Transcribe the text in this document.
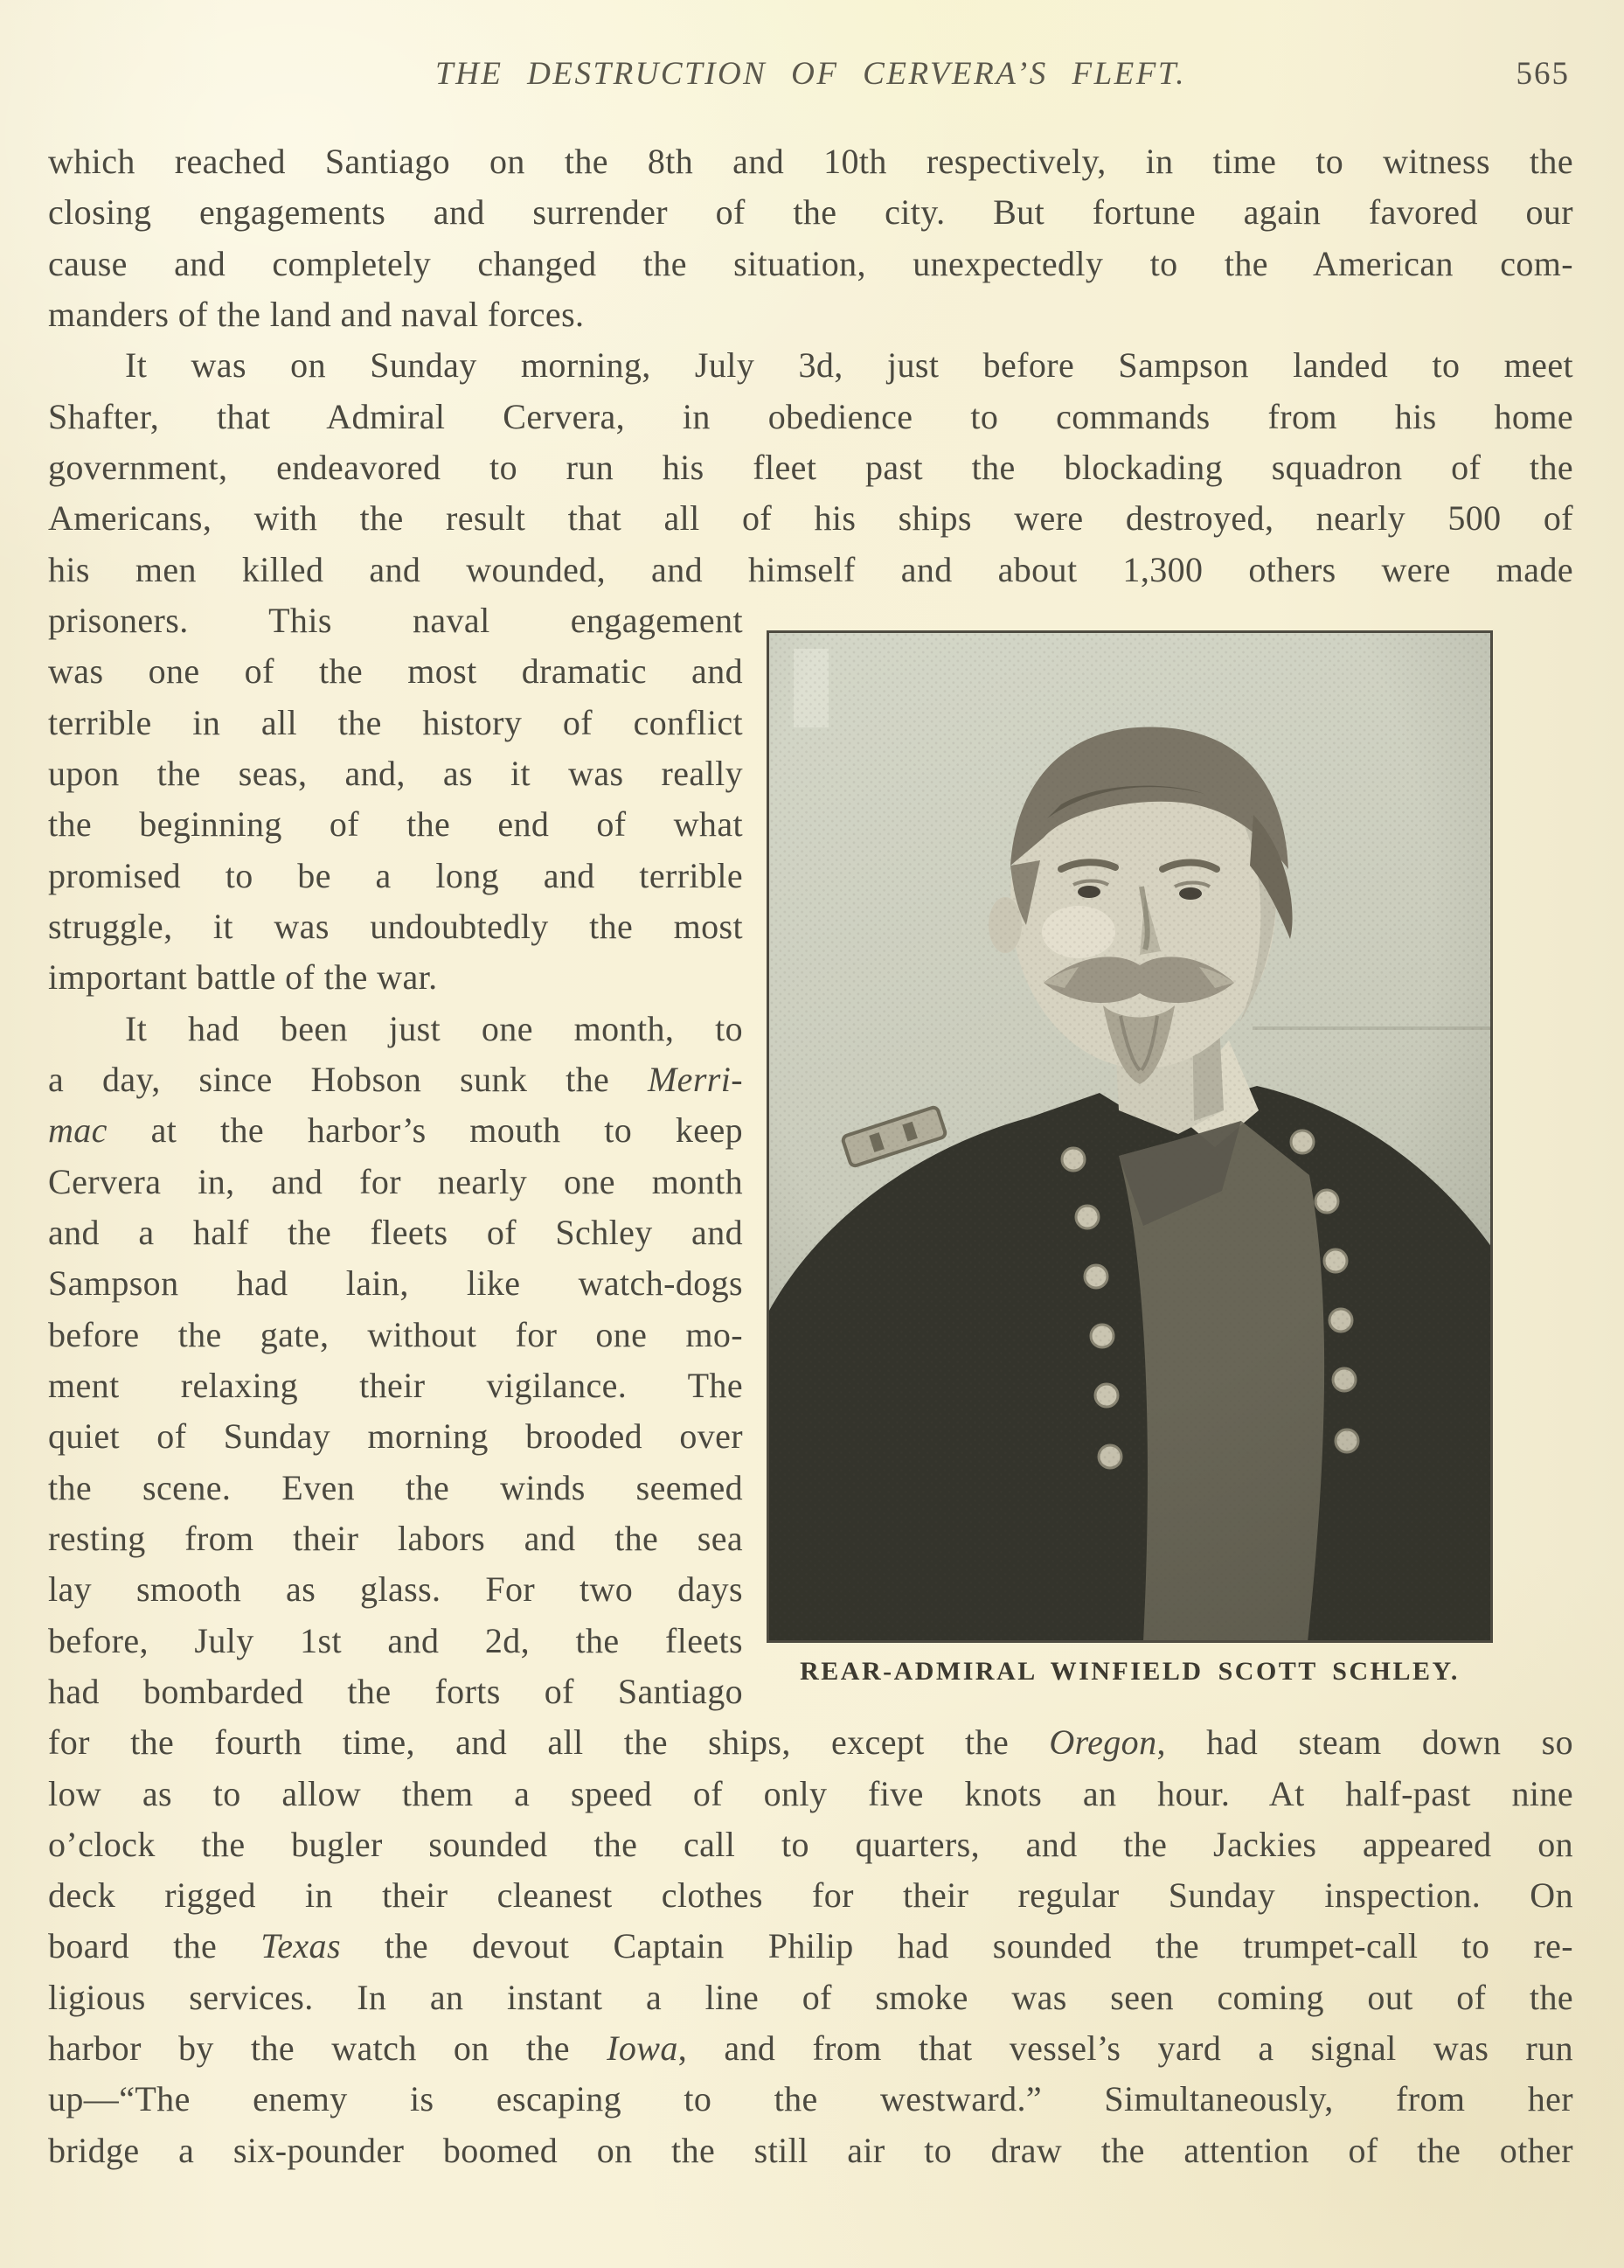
THE DESTRUCTION OF CERVERA’S FLEFT.	565
which reached Santiago on the 8th and 10th respectively, in time to witness the
closing engagements and surrender of the city. But fortune again favored our
cause and completely changed the situation, unexpectedly to the American com-
manders of the land and naval forces.
It was on Sunday morning, July 3d, just before Sampson landed to meet
Shafter, that Admiral Cervera, in obedience to commands from his home
government, endeavored to run his fleet past the blockading squadron of the
Americans, with the result that all of his ships were destroyed, nearly 500 of
his men killed and wounded, and himself and about 1,300 others were made
prisoners. This naval engagement
was one of the most dramatic and
terrible in all the history of conflict
upon the seas, and, as it was really
the beginning of the end of what
promised to be a long and terrible
struggle, it was undoubtedly the most
important battle of the war.
It had been just one month, to
a day, since Hobson sunk the Merri-
mac at the harbor’s mouth to keep
Cervera in, and for nearly one month
and a half the fleets of Schley and
Sampson had lain, like watch-dogs
before the gate, without for one mo-
ment relaxing their vigilance. The
quiet of Sunday morning brooded over
the scene. Even the winds seemed
resting from their labors and the sea
lay smooth as glass. For two days
before, July 1st and 2d, the fleets
had bombarded the forts of Santiago
REAR-ADMIRAL WINFIELD SCOTT SCHLEY.
for the fourth time, and all the ships, except the Oregon, had steam down so
low as to allow them a speed of only five knots an hour. At half-past nine
o’clock the bugler sounded the call to quarters, and the Jackies appeared on
deck rigged in their cleanest clothes for their regular Sunday inspection. On
board the Texas the devout Captain Philip had sounded the trumpet-call to re-
ligious services. In an instant a line of smoke was seen coming out of the
harbor by the watch on the Iowa, and from that vessel’s yard a signal was run
up—“The enemy is escaping to the westward.” Simultaneously, from her
bridge a six-pounder boomed on the still air to draw the attention of the other
